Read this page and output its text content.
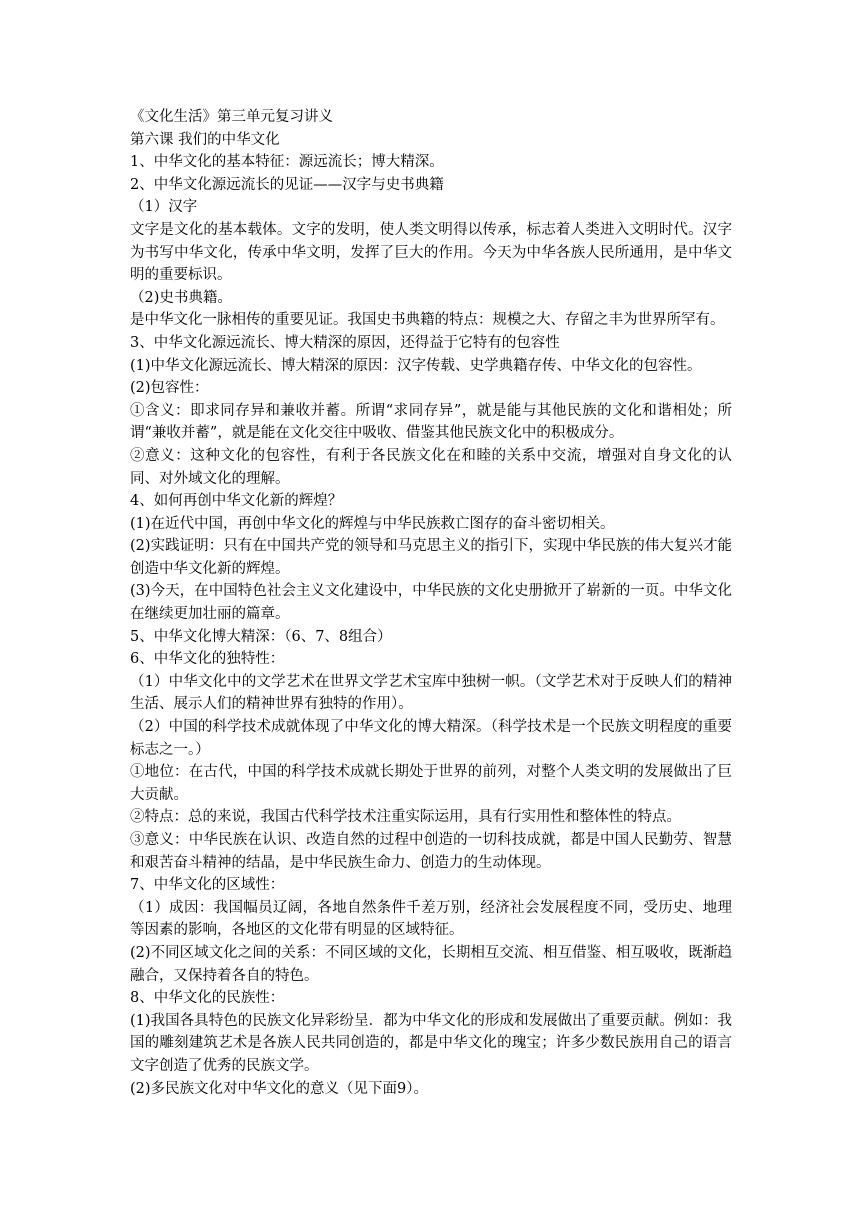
《文化生活》第三单元复习讲义

第六课 我们的中华文化

1、中华文化的基本特征：源远流长；博大精深。

2、中华文化源远流长的见证——汉字与史书典籍

（1）汉字

文字是文化的基本载体。文字的发明，使人类文明得以传承，标志着人类进入文明时代。汉字为书写中华文化，传承中华文明，发挥了巨大的作用。今天为中华各族人民所通用，是中华文明的重要标识。

（2)史书典籍。

是中华文化一脉相传的重要见证。我国史书典籍的特点：规模之大、存留之丰为世界所罕有。

3、中华文化源远流长、博大精深的原因，还得益于它特有的包容性

(1)中华文化源远流长、博大精深的原因：汉字传载、史学典籍存传、中华文化的包容性。

(2)包容性：

①含义：即求同存异和兼收并蓄。所谓“求同存异”，就是能与其他民族的文化和谐相处；所谓“兼收并蓄”，就是能在文化交往中吸收、借鉴其他民族文化中的积极成分。

②意义：这种文化的包容性，有利于各民族文化在和睦的关系中交流，增强对自身文化的认同、对外域文化的理解。

4、如何再创中华文化新的辉煌？

(1)在近代中国，再创中华文化的辉煌与中华民族救亡图存的奋斗密切相关。

(2)实践证明：只有在中国共产党的领导和马克思主义的指引下，实现中华民族的伟大复兴才能创造中华文化新的辉煌。

(3)今天，在中国特色社会主义文化建设中，中华民族的文化史册掀开了崭新的一页。中华文化在继续更加壮丽的篇章。

5、中华文化博大精深：（6、7、8组合）

6、中华文化的独特性：

（1）中华文化中的文学艺术在世界文学艺术宝库中独树一帜。（文学艺术对于反映人们的精神生活、展示人们的精神世界有独特的作用）。

（2）中国的科学技术成就体现了中华文化的博大精深。（科学技术是一个民族文明程度的重要标志之一。）

①地位：在古代，中国的科学技术成就长期处于世界的前列，对整个人类文明的发展做出了巨大贡献。

②特点：总的来说，我国古代科学技术注重实际运用，具有行实用性和整体性的特点。

③意义：中华民族在认识、改造自然的过程中创造的一切科技成就，都是中国人民勤劳、智慧和艰苦奋斗精神的结晶，是中华民族生命力、创造力的生动体现。

7、中华文化的区域性：

（1）成因：我国幅员辽阔，各地自然条件千差万别，经济社会发展程度不同，受历史、地理等因素的影响，各地区的文化带有明显的区域特征。

(2)不同区域文化之间的关系：不同区域的文化，长期相互交流、相互借鉴、相互吸收，既渐趋融合，又保持着各自的特色。

8、中华文化的民族性：

(1)我国各具特色的民族文化异彩纷呈．都为中华文化的形成和发展做出了重要贡献。例如：我国的雕刻建筑艺术是各族人民共同创造的，都是中华文化的瑰宝；许多少数民族用自己的语言文字创造了优秀的民族文学。

(2)多民族文化对中华文化的意义（见下面9）。
